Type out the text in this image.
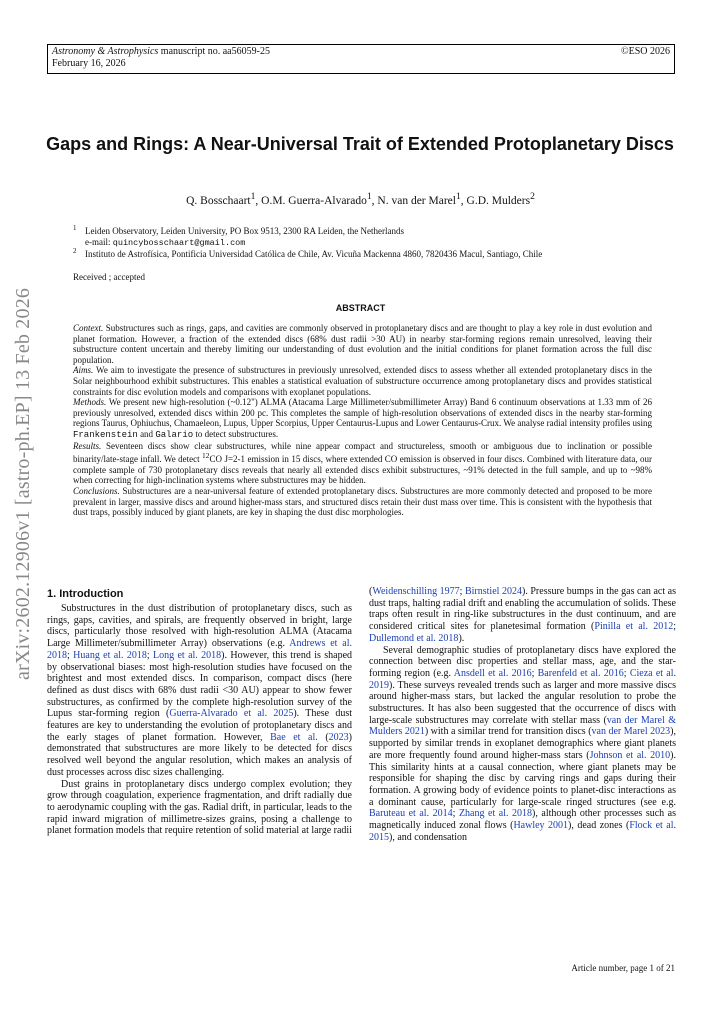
Astronomy & Astrophysics manuscript no. aa56059-25
February 16, 2026
©ESO 2026
arXiv:2602.12906v1 [astro-ph.EP] 13 Feb 2026
Gaps and Rings: A Near-Universal Trait of Extended Protoplanetary Discs
Q. Bosschaart$^1$, O.M. Guerra-Alvarado$^1$, N. van der Marel$^1$, G.D. Mulders$^2$
1 Leiden Observatory, Leiden University, PO Box 9513, 2300 RA Leiden, the Netherlands
e-mail: quincybosschaart@gmail.com
2 Instituto de Astrofísica, Pontificia Universidad Católica de Chile, Av. Vicuña Mackenna 4860, 7820436 Macul, Santiago, Chile
Received ; accepted
ABSTRACT

Context. Substructures such as rings, gaps, and cavities are commonly observed in protoplanetary discs and are thought to play a key role in dust evolution and planet formation. However, a fraction of the extended discs (68% dust radii >30 AU) in nearby star-forming regions remain unresolved, leaving their substructure content uncertain and thereby limiting our understanding of dust evolution and the initial conditions for planet formation across the full disc population.

Aims. We aim to investigate the presence of substructures in previously unresolved, extended discs to assess whether all extended protoplanetary discs in the Solar neighbourhood exhibit substructures. This enables a statistical evaluation of substructure occurrence among protoplanetary discs and provides statistical constraints for disc evolution models and comparisons with exoplanet populations.

Methods. We present new high-resolution (~0.12") ALMA (Atacama Large Millimeter/submillimeter Array) Band 6 continuum observations at 1.33 mm of 26 previously unresolved, extended discs within 200 pc. This completes the sample of high-resolution observations of extended discs in the nearby star-forming regions Taurus, Ophiuchus, Chamaeleon, Lupus, Upper Scorpius, Upper Centaurus-Lupus and Lower Centaurus-Crux. We analyse radial intensity profiles using Frankenstein and Galario to detect substructures.

Results. Seventeen discs show clear substructures, while nine appear compact and structureless, smooth or ambiguous due to inclination or possible binarity/late-stage infall. We detect $^{12}$CO J=2-1 emission in 15 discs, where extended CO emission is observed in four discs. Combined with literature data, our complete sample of 730 protoplanetary discs reveals that nearly all extended discs exhibit substructures, ~91% detected in the full sample, and up to ~98% when correcting for high-inclination systems where substructures may be hidden.

Conclusions. Substructures are a near-universal feature of extended protoplanetary discs. Substructures are more commonly detected and proposed to be more prevalent in larger, massive discs and around higher-mass stars, and structured discs retain their dust mass over time. This is consistent with the hypothesis that dust traps, possibly induced by giant planets, are key in shaping the dust disc morphologies.

1. Introduction

Substructures in the dust distribution of protoplanetary discs, such as rings, gaps, cavities, and spirals, are frequently observed in bright, large discs, particularly those resolved with high-resolution ALMA (Atacama Large Millimeter/submillimeter Array) observations (e.g. Andrews et al. 2018; Huang et al. 2018; Long et al. 2018). However, this trend is shaped by observational biases: most high-resolution studies have focused on the brightest and most extended discs. In comparison, compact discs (here defined as dust discs with 68% dust radii <30 AU) appear to show fewer substructures, as confirmed by the complete high-resolution survey of the Lupus star-forming region (Guerra-Alvarado et al. 2025). These dust features are key to understanding the evolution of protoplanetary discs and the early stages of planet formation. However, Bae et al. (2023) demonstrated that substructures are more likely to be detected for discs resolved well beyond the angular resolution, which makes an analysis of dust processes across disc sizes challenging.

Dust grains in protoplanetary discs undergo complex evolution; they grow through coagulation, experience fragmentation, and drift radially due to aerodynamic coupling with the gas. Radial drift, in particular, leads to the rapid inward migration of millimetre-sizes grains, posing a challenge to planet formation models that require retention of solid material at large radii

(Weidenschilling 1977; Birnstiel 2024). Pressure bumps in the gas can act as dust traps, halting radial drift and enabling the accumulation of solids. These traps often result in ring-like substructures in the dust continuum, and are considered critical sites for planetesimal formation (Pinilla et al. 2012; Dullemond et al. 2018).

Several demographic studies of protoplanetary discs have explored the connection between disc properties and stellar mass, age, and the star-forming region (e.g. Ansdell et al. 2016; Barenfeld et al. 2016; Cieza et al. 2019). These surveys revealed trends such as larger and more massive discs around higher-mass stars, but lacked the angular resolution to probe the substructures. It has also been suggested that the occurrence of discs with large-scale substructures may correlate with stellar mass (van der Marel & Mulders 2021) with a similar trend for transition discs (van der Marel 2023), supported by similar trends in exoplanet demographics where giant planets are more frequently found around higher-mass stars (Johnson et al. 2010). This similarity hints at a causal connection, where giant planets may be responsible for shaping the disc by carving rings and gaps during their formation. A growing body of evidence points to planet-disc interactions as a dominant cause, particularly for large-scale ringed structures (see e.g. Baruteau et al. 2014; Zhang et al. 2018), although other processes such as magnetically induced zonal flows (Hawley 2001), dead zones (Flock et al. 2015), and condensation

Article number, page 1 of 21
